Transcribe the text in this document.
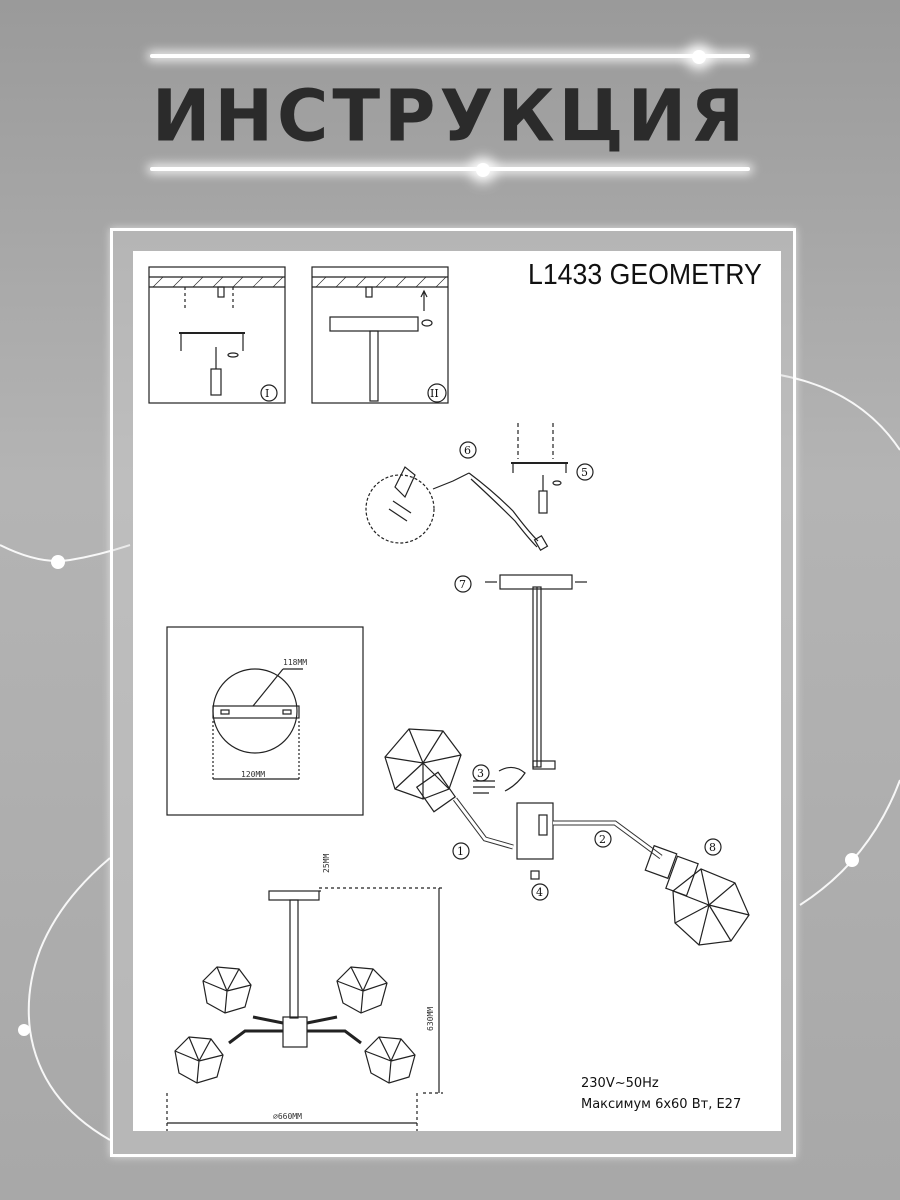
ИНСТРУКЦИЯ
I	II
6
5
7
3
1
2
4
8
118MM
120MM
25MM
630MM
⌀660MM
L1433 GEOMETRY
230V~50Hz
Максимум 6x60 Вт, E27
